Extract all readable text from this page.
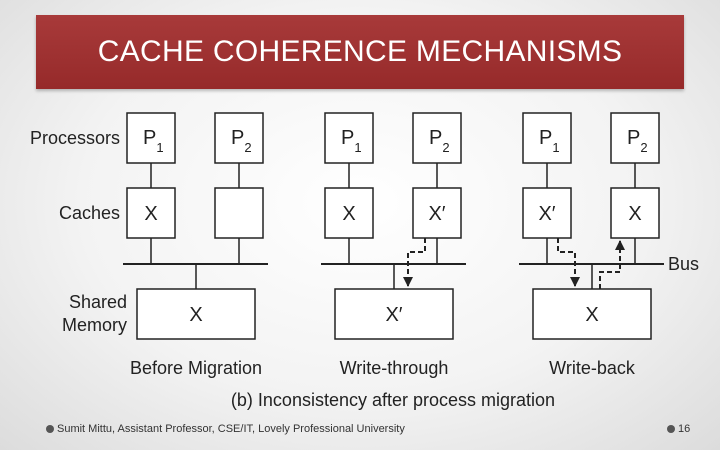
CACHE COHERENCE MECHANISMS
Processors
Caches
Shared
Memory
Bus
$P_1$	$P_2$
X
X
Before Migration
$P_1$	$P_2$
X	X′
X′
Write-through
$P_1$	$P_2$
X′	X
X
Write-back
(b) Inconsistency after process migration
Sumit Mittu, Assistant Professor, CSE/IT, Lovely Professional University	16
